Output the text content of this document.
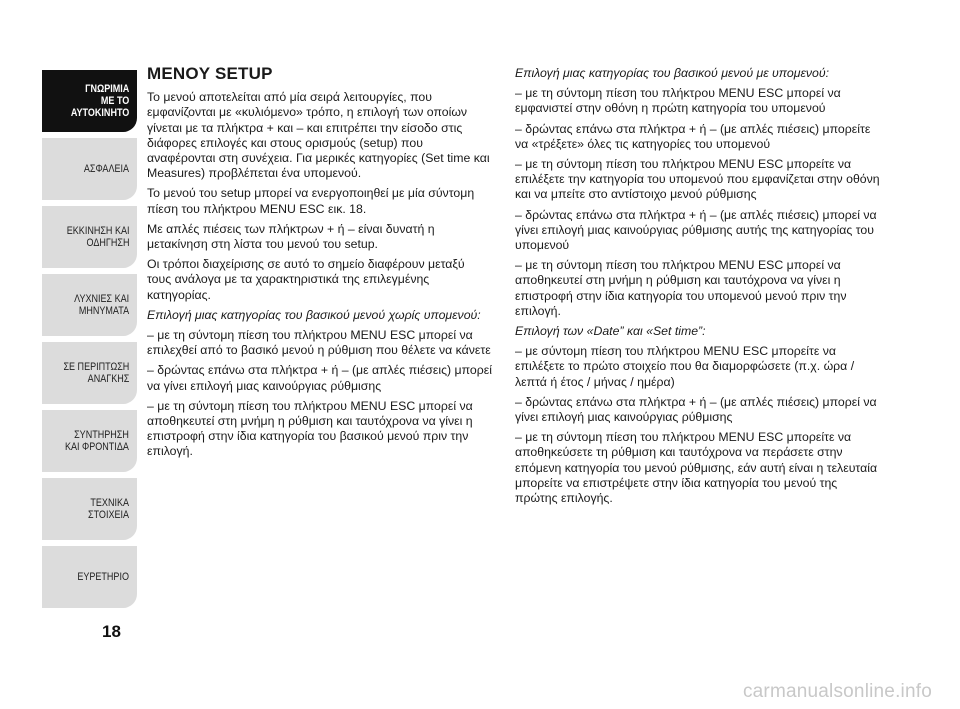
ΓΝΩΡΙΜΙΑ
ΜΕ ΤΟ
ΑΥΤΟΚΙΝΗΤΟ
ΑΣΦΑΛΕΙΑ
ΕΚΚΙΝΗΣΗ ΚΑΙ
ΟΔΗΓΗΣΗ
ΛΥΧΝΙΕΣ ΚΑΙ
ΜΗΝΥΜΑΤΑ
ΣΕ ΠΕΡΙΠΤΩΣΗ
ΑΝΑΓΚΗΣ
ΣΥΝΤΗΡΗΣΗ
ΚΑΙ ΦΡΟΝΤΙΔΑ
ΤΕΧΝΙΚΑ
ΣΤΟΙΧΕΙΑ
ΕΥΡΕΤΗΡΙΟ
18
MENOY SETUP

Το μενού αποτελείται από μία σειρά λειτουργίες, που εμφανίζονται με «κυλιόμενο» τρόπο, η επιλογή των οποίων γίνεται με τα πλήκτρα + και – και επιτρέπει την είσοδο στις διάφορες επιλογές και στους ορισμούς (setup) που αναφέρονται στη συνέχεια. Για μερικές κατηγορίες (Set time και Measures) προβλέπεται ένα υπομενού.

Το μενού του setup μπορεί να ενεργοποιηθεί με μία σύντομη πίεση του πλήκτρου MENU ESC εικ. 18.

Με απλές πιέσεις των πλήκτρων + ή – είναι δυνατή η μετακίνηση στη λίστα του μενού του setup.

Οι τρόποι διαχείρισης σε αυτό το σημείο διαφέρουν μεταξύ τους ανάλογα με τα χαρακτηριστικά της επιλεγμένης κατηγορίας.

Επιλογή μιας κατηγορίας του βασικού μενού χωρίς υπομενού:

– με τη σύντομη πίεση του πλήκτρου MENU ESC μπορεί να επιλεχθεί από το βασικό μενού η ρύθμιση που θέλετε να κάνετε

– δρώντας επάνω στα πλήκτρα + ή – (με απλές πιέσεις) μπορεί να γίνει επιλογή μιας καινούργιας ρύθμισης

– με τη σύντομη πίεση του πλήκτρου MENU ESC μπορεί να αποθηκευτεί στη μνήμη η ρύθμιση και ταυτόχρονα να γίνει η επιστροφή στην ίδια κατηγορία του βασικού μενού πριν την επιλογή.

Επιλογή μιας κατηγορίας του βασικού μενού με υπομενού:

– με τη σύντομη πίεση του πλήκτρου MENU ESC μπορεί να εμφανιστεί στην οθόνη η πρώτη κατηγορία του υπομενού

– δρώντας επάνω στα πλήκτρα + ή – (με απλές πιέσεις) μπορείτε να «τρέξετε» όλες τις κατηγορίες του υπομενού

– με τη σύντομη πίεση του πλήκτρου MENU ESC μπορείτε να επιλέξετε την κατηγορία του υπομενού που εμφανίζεται στην οθόνη και να μπείτε στο αντίστοιχο μενού ρύθμισης

– δρώντας επάνω στα πλήκτρα + ή – (με απλές πιέσεις) μπορεί να γίνει επιλογή μιας καινούργιας ρύθμισης αυτής της κατηγορίας του υπομενού

– με τη σύντομη πίεση του πλήκτρου MENU ESC μπορεί να αποθηκευτεί στη μνήμη η ρύθμιση και ταυτόχρονα να γίνει η επιστροφή στην ίδια κατηγορία του υπομενού μενού πριν την επιλογή.

Επιλογή των «Date” και «Set time”:

– με σύντομη πίεση του πλήκτρου MENU ESC μπορείτε να επιλέξετε το πρώτο στοιχείο που θα διαμορφώσετε (π.χ. ώρα / λεπτά ή έτος / μήνας / ημέρα)

– δρώντας επάνω στα πλήκτρα + ή – (με απλές πιέσεις) μπορεί να γίνει επιλογή μιας καινούργιας ρύθμισης

– με τη σύντομη πίεση του πλήκτρου MENU ESC μπορείτε να αποθηκεύσετε τη ρύθμιση και ταυτόχρονα να περάσετε στην επόμενη κατηγορία του μενού ρύθμισης, εάν αυτή είναι η τελευταία μπορείτε να επιστρέψετε στην ίδια κατηγορία του μενού της πρώτης επιλογής.

carmanualsonline.info
